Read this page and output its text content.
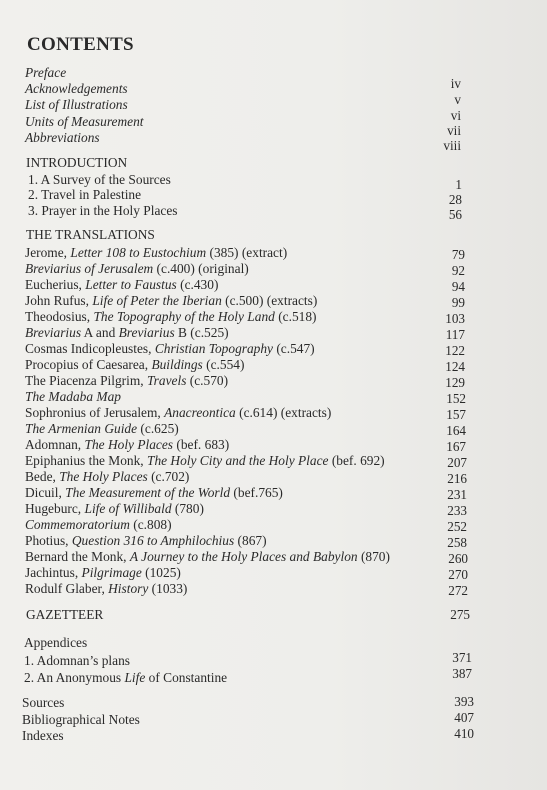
CONTENTS
Preface
Acknowledgements
List of Illustrations
Units of Measurement
Abbreviations
iv
v
vi
vii
viii
INTRODUCTION
1. A Survey of the Sources
2. Travel in Palestine
3. Prayer in the Holy Places
1
28
56
THE TRANSLATIONS
Jerome, Letter 108 to Eustochium (385) (extract)
Breviarius of Jerusalem (c.400) (original)
Eucherius, Letter to Faustus (c.430)
John Rufus, Life of Peter the Iberian (c.500) (extracts)
Theodosius, The Topography of the Holy Land (c.518)
Breviarius A and Breviarius B (c.525)
Cosmas Indicopleustes, Christian Topography (c.547)
Procopius of Caesarea, Buildings (c.554)
The Piacenza Pilgrim, Travels (c.570)
The Madaba Map
Sophronius of Jerusalem, Anacreontica (c.614) (extracts)
The Armenian Guide (c.625)
Adomnan, The Holy Places (bef. 683)
Epiphanius the Monk, The Holy City and the Holy Place (bef. 692)
Bede, The Holy Places (c.702)
Dicuil, The Measurement of the World (bef.765)
Hugeburc, Life of Willibald (780)
Commemoratorium (c.808)
Photius, Question 316 to Amphilochius (867)
Bernard the Monk, A Journey to the Holy Places and Babylon (870)
Jachintus, Pilgrimage (1025)
Rodulf Glaber, History (1033)
79
92
94
99
103
117
122
124
129
152
157
164
167
207
216
231
233
252
258
260
270
272
GAZETTEER	275
Appendices
1. Adomnan’s plans
2. An Anonymous Life of Constantine
371
387
Sources
Bibliographical Notes
Indexes
393
407
410
